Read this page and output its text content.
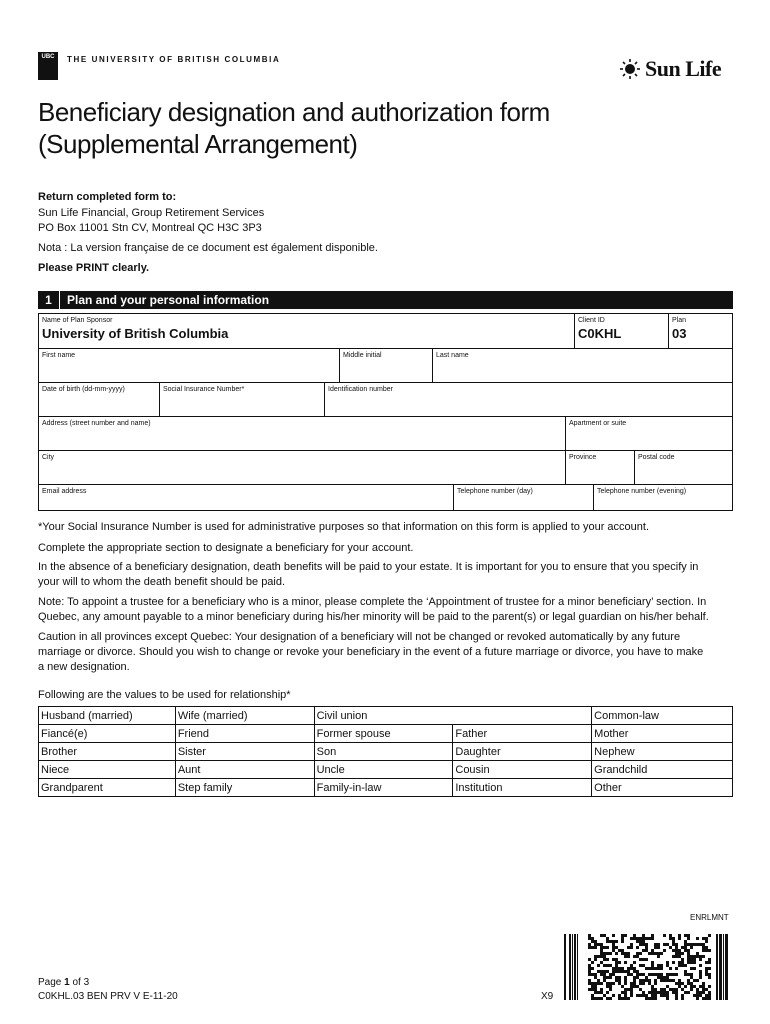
UBC	THE UNIVERSITY OF BRITISH COLUMBIA	Sun Life
Beneficiary designation and authorization form
(Supplemental Arrangement)
Return completed form to:
Sun Life Financial, Group Retirement Services
PO Box 11001 Stn CV, Montreal QC H3C 3P3
Nota : La version française de ce document est également disponible.
Please PRINT clearly.
1	Plan and your personal information
Name of Plan Sponsor
University of British Columbia
Client ID
C0KHL
Plan
03
First name	Middle initial	Last name
Date of birth (dd-mm-yyyy)	Social Insurance Number*	Identification number
Address (street number and name)	Apartment or suite
City	Province	Postal code
Email address	Telephone number (day)	Telephone number (evening)
*Your Social Insurance Number is used for administrative purposes so that information on this form is applied to your account.
Complete the appropriate section to designate a beneficiary for your account.
In the absence of a beneficiary designation, death benefits will be paid to your estate. It is important for you to ensure that you specify in
your will to whom the death benefit should be paid.
Note: To appoint a trustee for a beneficiary who is a minor, please complete the ‘Appointment of trustee for a minor beneficiary’ section. In
Quebec, any amount payable to a minor beneficiary during his/her minority will be paid to the parent(s) or legal guardian on his/her behalf.
Caution in all provinces except Quebec: Your designation of a beneficiary will not be changed or revoked automatically by any future
marriage or divorce. Should you wish to change or revoke your beneficiary in the event of a future marriage or divorce, you have to make
a new designation.
Following are the values to be used for relationship*
Husband (married)	Wife (married)	Civil union		Common-law
Fiancé(e)	Friend	Former spouse	Father	Mother
Brother	Sister	Son	Daughter	Nephew
Niece	Aunt	Uncle	Cousin	Grandchild
Grandparent	Step family	Family-in-law	Institution	Other
ENRLMNT
Page 1 of 3
C0KHL.03 BEN PRV V E-11-20	X9
